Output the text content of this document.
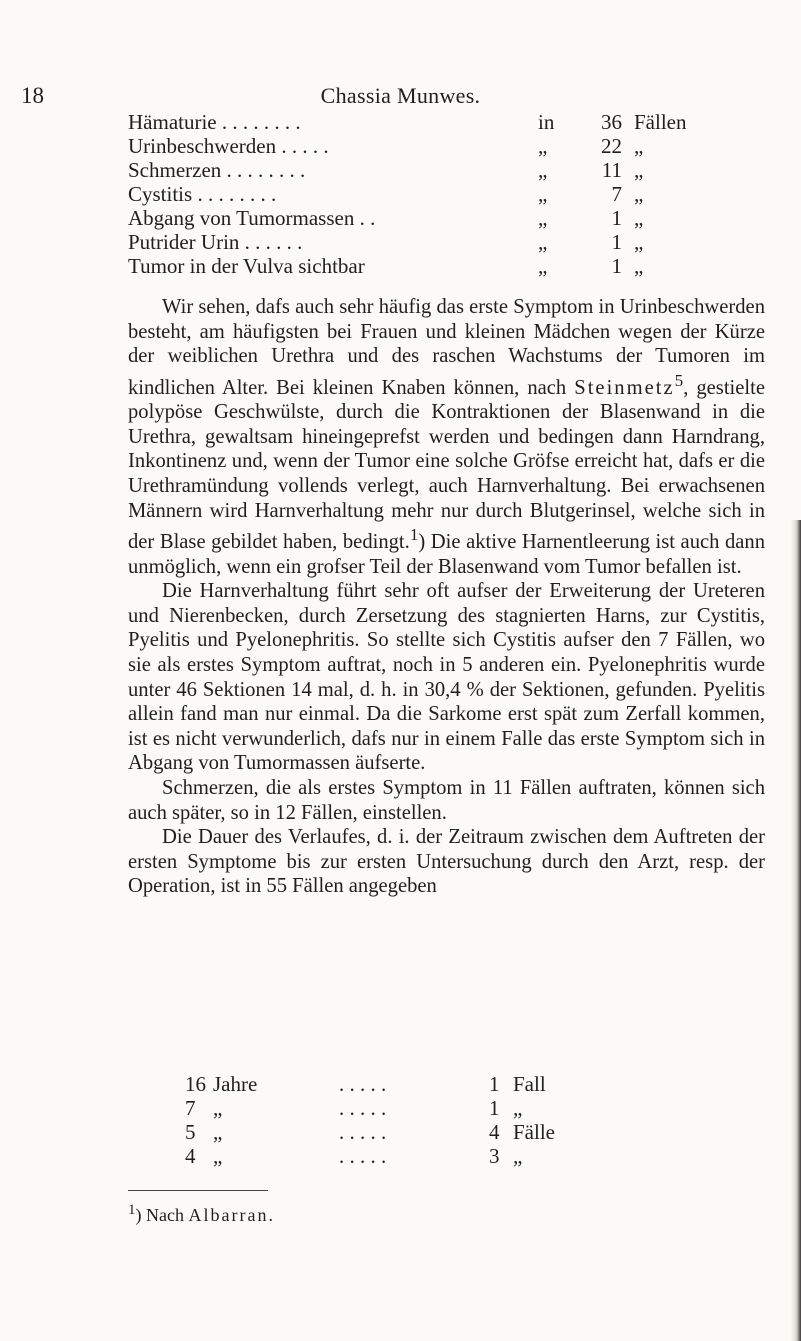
18	Chassia Munwes.
Hämaturie . . . . . . . .	in	36	Fällen
Urinbeschwerden . . . . .	„	22	„
Schmerzen . . . . . . . .	„	11	„
Cystitis . . . . . . . .	„	7	„
Abgang von Tumormassen . .	„	1	„
Putrider Urin . . . . . .	„	1	„
Tumor in der Vulva sichtbar	„	1	„

Wir sehen, dafs auch sehr häufig das erste Symptom in Urinbeschwerden besteht, am häufigsten bei Frauen und kleinen Mädchen wegen der Kürze der weiblichen Urethra und des raschen Wachstums der Tumoren im kindlichen Alter. Bei kleinen Knaben können, nach Steinmetz$^5$, gestielte polypöse Geschwülste, durch die Kontraktionen der Blasenwand in die Urethra, gewaltsam hineingeprefst werden und bedingen dann Harndrang, Inkontinenz und, wenn der Tumor eine solche Gröfse erreicht hat, dafs er die Urethramündung vollends verlegt, auch Harnverhaltung. Bei erwachsenen Männern wird Harnverhaltung mehr nur durch Blutgerinsel, welche sich in der Blase gebildet haben, bedingt.$^1$) Die aktive Harnentleerung ist auch dann unmöglich, wenn ein grofser Teil der Blasenwand vom Tumor befallen ist.

Die Harnverhaltung führt sehr oft aufser der Erweiterung der Ureteren und Nierenbecken, durch Zersetzung des stagnierten Harns, zur Cystitis, Pyelitis und Pyelonephritis. So stellte sich Cystitis aufser den 7 Fällen, wo sie als erstes Symptom auftrat, noch in 5 anderen ein. Pyelonephritis wurde unter 46 Sektionen 14 mal, d. h. in 30,4 % der Sektionen, gefunden. Pyelitis allein fand man nur einmal. Da die Sarkome erst spät zum Zerfall kommen, ist es nicht verwunderlich, dafs nur in einem Falle das erste Symptom sich in Abgang von Tumormassen äufserte.

Schmerzen, die als erstes Symptom in 11 Fällen auftraten, können sich auch später, so in 12 Fällen, einstellen.

Die Dauer des Verlaufes, d. i. der Zeitraum zwischen dem Auftreten der ersten Symptome bis zur ersten Untersuchung durch den Arzt, resp. der Operation, ist in 55 Fällen angegeben

16	Jahre	. . . . .	1	Fall
7	„	. . . . .	1	„
5	„	. . . . .	4	Fälle
4	„	. . . . .	3	„
$^1$) Nach Albarran.
